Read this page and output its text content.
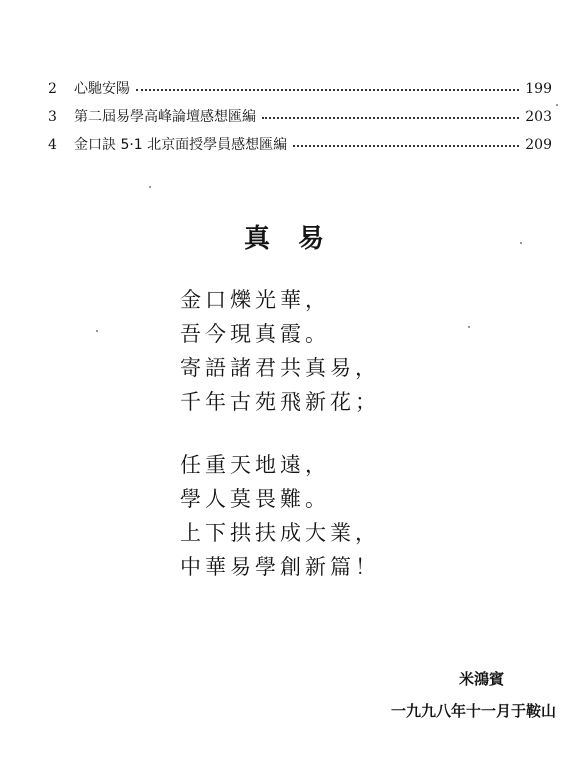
2	心馳安陽	199
3	第二屆易學高峰論壇感想匯編	203
4	金口訣 5·1 北京面授學員感想匯編	209
真易
金口爍光華，
吾今現真霞。
寄語諸君共真易，
千年古苑飛新花；
任重天地遠，
學人莫畏難。
上下拱扶成大業，
中華易學創新篇！
米鴻賓
一九九八年十一月于鞍山
